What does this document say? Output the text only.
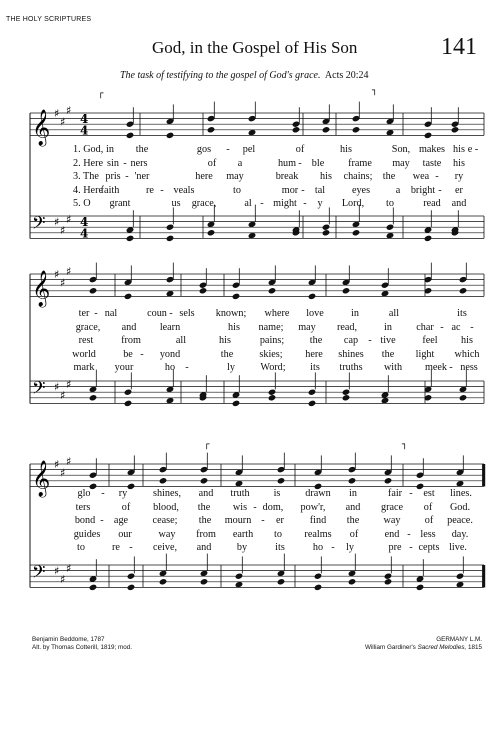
THE HOLY SCRIPTURES
God, in the Gospel of His Son	141
The task of testifying to the gospel of God's grace. Acts 20:24
𝄞 ♯
♯
♯
4
4
𝄢 ♯
♯
♯ 4
4
𝄞 ♯
♯
♯
𝄢 ♯
♯
♯
𝄞 ♯
♯
♯
𝄢 ♯
♯
♯
┌	┐
┌	┐
1. God, in the	gos - pel	of	his	Son, makes his e -
2. Here sin - ners	of a	hum - ble frame may taste his
3. The pris - 'ner	here may	break his chains; the wea - ry
4. Here
faith	re - veals	to	mor - tal	eyes	a bright - er
5. O grant	us grace,	al - might - y Lord, to	read and
ter - nal	coun - sels known; where love	in	all	its
grace, and learn	his name; may read,	in char - ac -
rest	from	all	his	pains;	the cap - tive	feel his
world	be - yond	the	skies; here shines the light which
mark your	ho -	ly Word; its truths with meek - ness
glo - ry	shines, and truth is drawn in	fair - est lines.
ters	of blood, the wis - dom, pow'r, and grace of God.
bond - age cease; the mourn - er	find the way of peace.
guides our	way from earth to realms of	end - less day.
to	re - ceive, and	by	its	ho - ly	pre - cepts live.
Benjamin Beddome, 1787
Alt. by Thomas Cotterill, 1819; mod.
GERMANY L.M.
William Gardiner's Sacred Melodies, 1815
